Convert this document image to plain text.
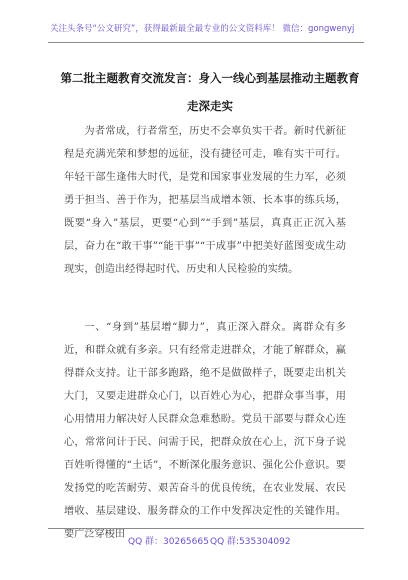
关注头条号“公文研究”，获得最新最全最专业的公文资料库！ 微信：gongwenyj
第二批主题教育交流发言：身入一线心到基层推动主题教育走深走实

为者常成，行者常至，历史不会辜负实干者。新时代新征程是充满光荣和梦想的远征，没有捷径可走，唯有实干可行。年轻干部生逢伟大时代，是党和国家事业发展的生力军，必须勇于担当、善于作为，把基层当成增本领、长本事的练兵场，既要“身入”基层，更要“心到”“手到”基层，真真正正沉入基层，奋力在“敢干事”“能干事”“干成事”中把美好蓝图变成生动现实，创造出经得起时代、历史和人民检验的实绩。

一、“身到”基层增“脚力”，真正深入群众。离群众有多近，和群众就有多亲。只有经常走进群众，才能了解群众，赢得群众支持。让干部多跑路，绝不是做做样子，既要走出机关大门，又要走进群众心门，以百姓心为心，把群众事当事，用心用情用力解决好人民群众急难愁盼。党员干部要与群众心连心，常常问计于民、问需于民，把群众放在心上，沉下身子说百姓听得懂的“土话”，不断深化服务意识、强化公仆意识。要发扬党的吃苦耐劳、艰苦奋斗的优良传统，在农业发展、农民增收、基层建设、服务群众的工作中发挥决定性的关键作用。要广泛穿梭田

QQ 群：30265665 QQ 群:535304092
